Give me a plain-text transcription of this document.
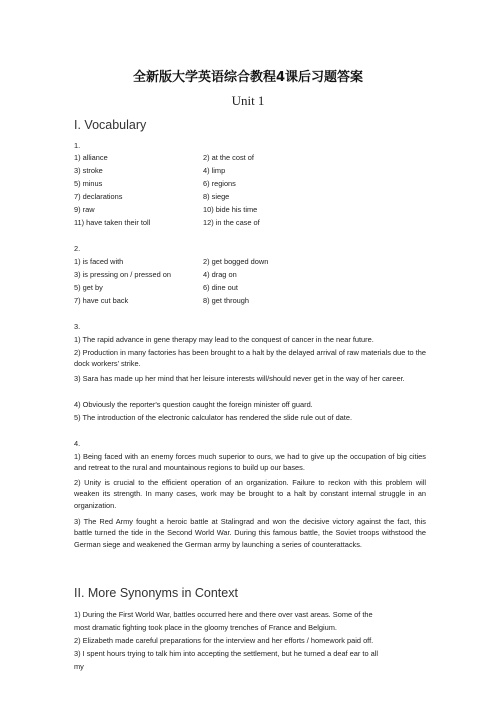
全新版大学英语综合教程4课后习题答案
Unit 1
I. Vocabulary
1.
1) alliance	2) at the cost of
3) stroke	4) limp
5) minus	6) regions
7) declarations	8) siege
9) raw	10) bide his time
11) have taken their toll	12) in the case of
2.
1) is faced with	2) get bogged down
3) is pressing on / pressed on	4) drag on
5) get by	6) dine out
7) have cut back	8) get through
3.
1) The rapid advance in gene therapy may lead to the conquest of cancer in the near future.
2) Production in many factories has been brought to a halt by the delayed arrival of raw materials due to the dock workers’ strike.
3) Sara has made up her mind that her leisure interests will/should never get in the way of her career.
4) Obviously the reporter's question caught the foreign minister off guard.
5) The introduction of the electronic calculator has rendered the slide rule out of date.
4.
1) Being faced with an enemy forces much superior to ours, we had to give up the occupation of big cities and retreat to the rural and mountainous regions to build up our bases.
2) Unity is crucial to the efficient operation of an organization. Failure to reckon with this problem will weaken its strength. In many cases, work may be brought to a halt by constant internal struggle in an organization.
3) The Red Army fought a heroic battle at Stalingrad and won the decisive victory against the fact, this battle turned the tide in the Second World War. During this famous battle, the Soviet troops withstood the German siege and weakened the German army by launching a series of counterattacks.
II. More Synonyms in Context
1) During the First World War, battles occurred here and there over vast areas. Some of the
most dramatic fighting took place in the gloomy trenches of France and Belgium.
2) Elizabeth made careful preparations for the interview and her efforts / homework paid off.
3) I spent hours trying to talk him into accepting the settlement, but he turned a deaf ear to all
my
